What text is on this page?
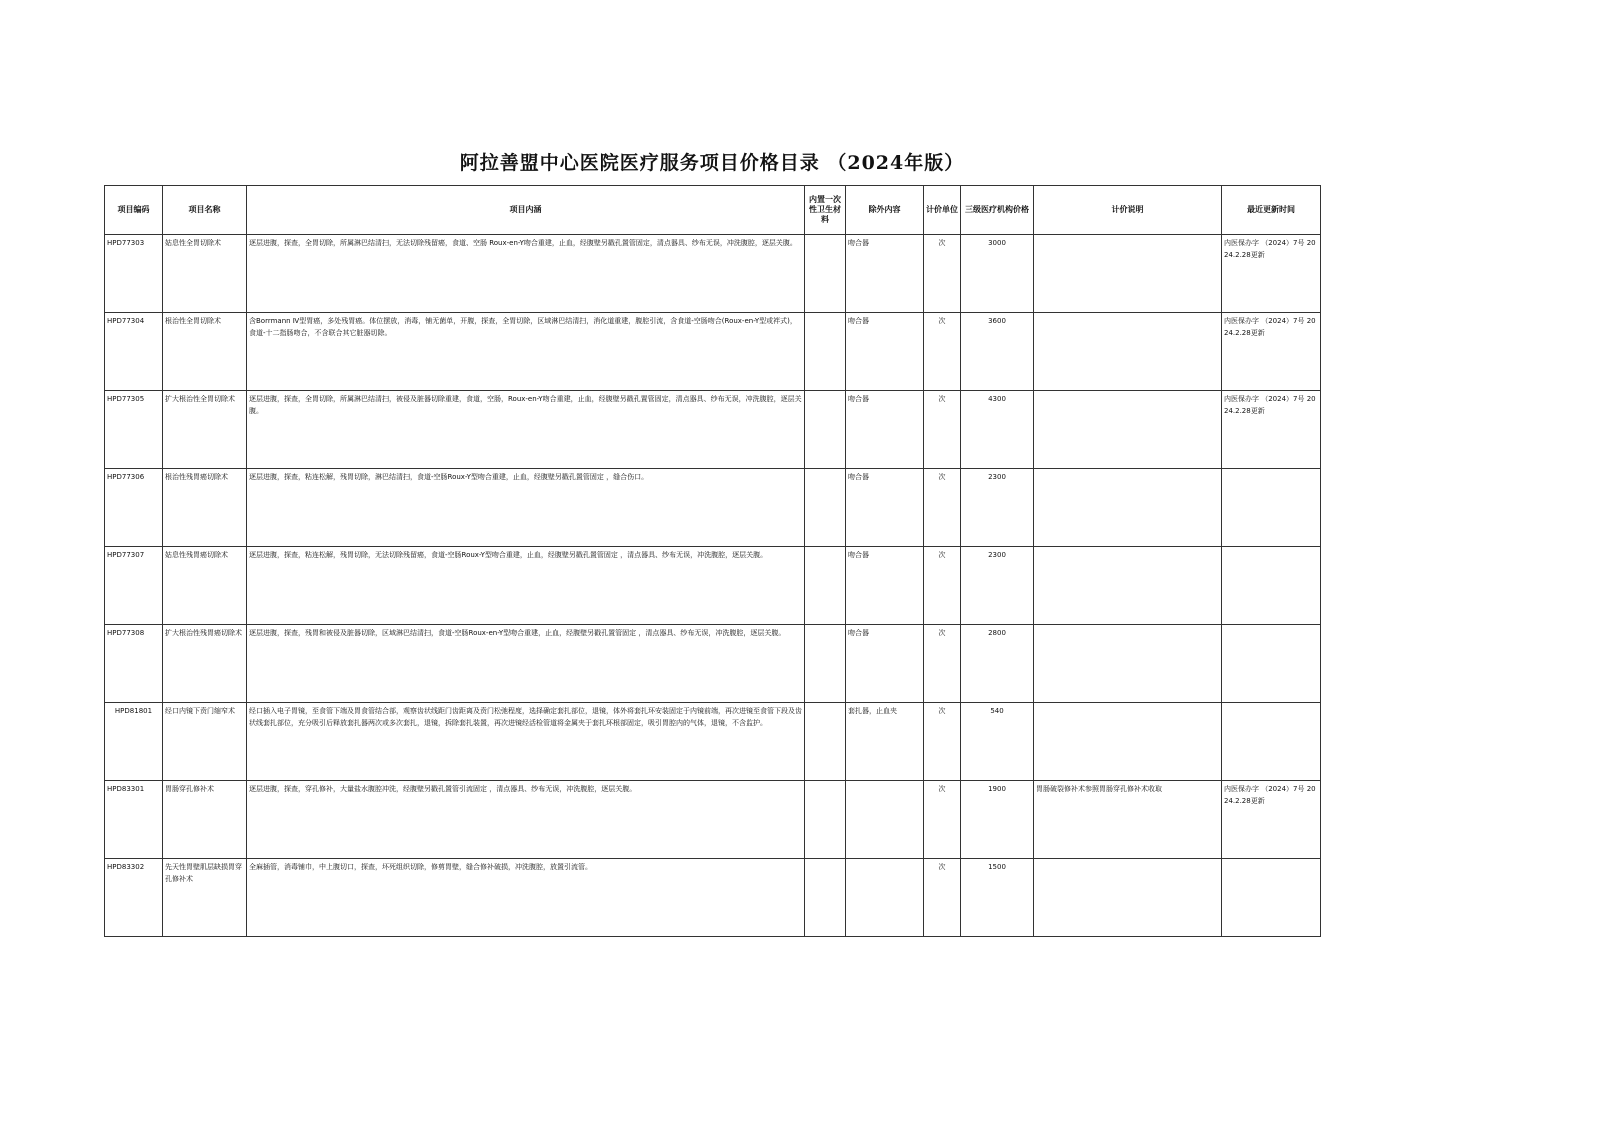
阿拉善盟中心医院医疗服务项目价格目录 （2024年版）
项目编码	项目名称	项目内涵	内置一次性卫生材料	除外内容	计价单位	三级医疗机构价格	计价说明	最近更新时间
HPD77303	姑息性全胃切除术	逐层进腹，探查，全胃切除，所属淋巴结清扫，无法切除残留癌，食道、空肠 Roux-en-Y吻合重建，止血，经腹壁另戳孔置管固定，清点器具、纱布无误，冲洗腹腔，逐层关腹。		吻合器	次	3000		内医保办字 （2024）7号 2024.2.28更新
HPD77304	根治性全胃切除术	含Borrmann Ⅳ型胃癌，多处残胃癌。体位摆放，消毒，铺无菌单，开腹，探查，全胃切除，区域淋巴结清扫，消化道重建，腹腔引流，含食道-空肠吻合(Roux-en-Y型或袢式)，食道-十二指肠吻合，不含联合其它脏器切除。		吻合器	次	3600		内医保办字 （2024）7号 2024.2.28更新
HPD77305	扩大根治性全胃切除术	逐层进腹，探查，全胃切除，所属淋巴结清扫，被侵及脏器切除重建，食道，空肠，Roux-en-Y吻合重建，止血，经腹壁另戳孔置管固定，清点器具、纱布无误，冲洗腹腔，逐层关腹。		吻合器	次	4300		内医保办字 （2024）7号 2024.2.28更新
HPD77306	根治性残胃癌切除术	逐层进腹，探查，粘连松解，残胃切除，淋巴结清扫，食道-空肠Roux-Y型吻合重建，止血，经腹壁另戳孔置管固定 ，缝合伤口。		吻合器	次	2300		
HPD77307	姑息性残胃癌切除术	逐层进腹，探查，粘连松解，残胃切除，无法切除残留癌，食道-空肠Roux-Y型吻合重建，止血，经腹壁另戳孔置管固定 ，清点器具、纱布无误，冲洗腹腔，逐层关腹。		吻合器	次	2300		
HPD77308	扩大根治性残胃癌切除术	逐层进腹，探查，残胃和被侵及脏器切除，区域淋巴结清扫，食道-空肠Roux-en-Y型吻合重建，止血，经腹壁另戳孔置管固定 ，清点器具、纱布无误，冲洗腹腔，逐层关腹。		吻合器	次	2800		
HPD81801	经口内镜下贲门缩窄术	经口插入电子胃镜，至食管下端及胃食管结合部，观察齿状线距门齿距离及贲门松弛程度，选择确定套扎部位，退镜，体外将套扎环安装固定于内镜前端，再次进镜至食管下段及齿状线套扎部位，充分吸引后释放套扎器两次或多次套扎，退镜，拆除套扎装置，再次进镜经活检管道将金属夹于套扎环根部固定，吸引胃腔内的气体，退镜，不含监护。		套扎器，止血夹	次	540		
HPD83301	胃肠穿孔修补术	逐层进腹，探查，穿孔修补，大量盐水腹腔冲洗，经腹壁另戳孔置管引流固定 ，清点器具、纱布无误，冲洗腹腔，逐层关腹。			次	1900	胃肠破裂修补术参照胃肠穿孔修补术收取	内医保办字 （2024）7号 2024.2.28更新
HPD83302	先天性胃壁肌层缺损胃穿孔修补术	全麻插管，消毒铺巾，中上腹切口，探查，坏死组织切除，修剪胃壁，缝合修补破损，冲洗腹腔，放置引流管。			次	1500		
